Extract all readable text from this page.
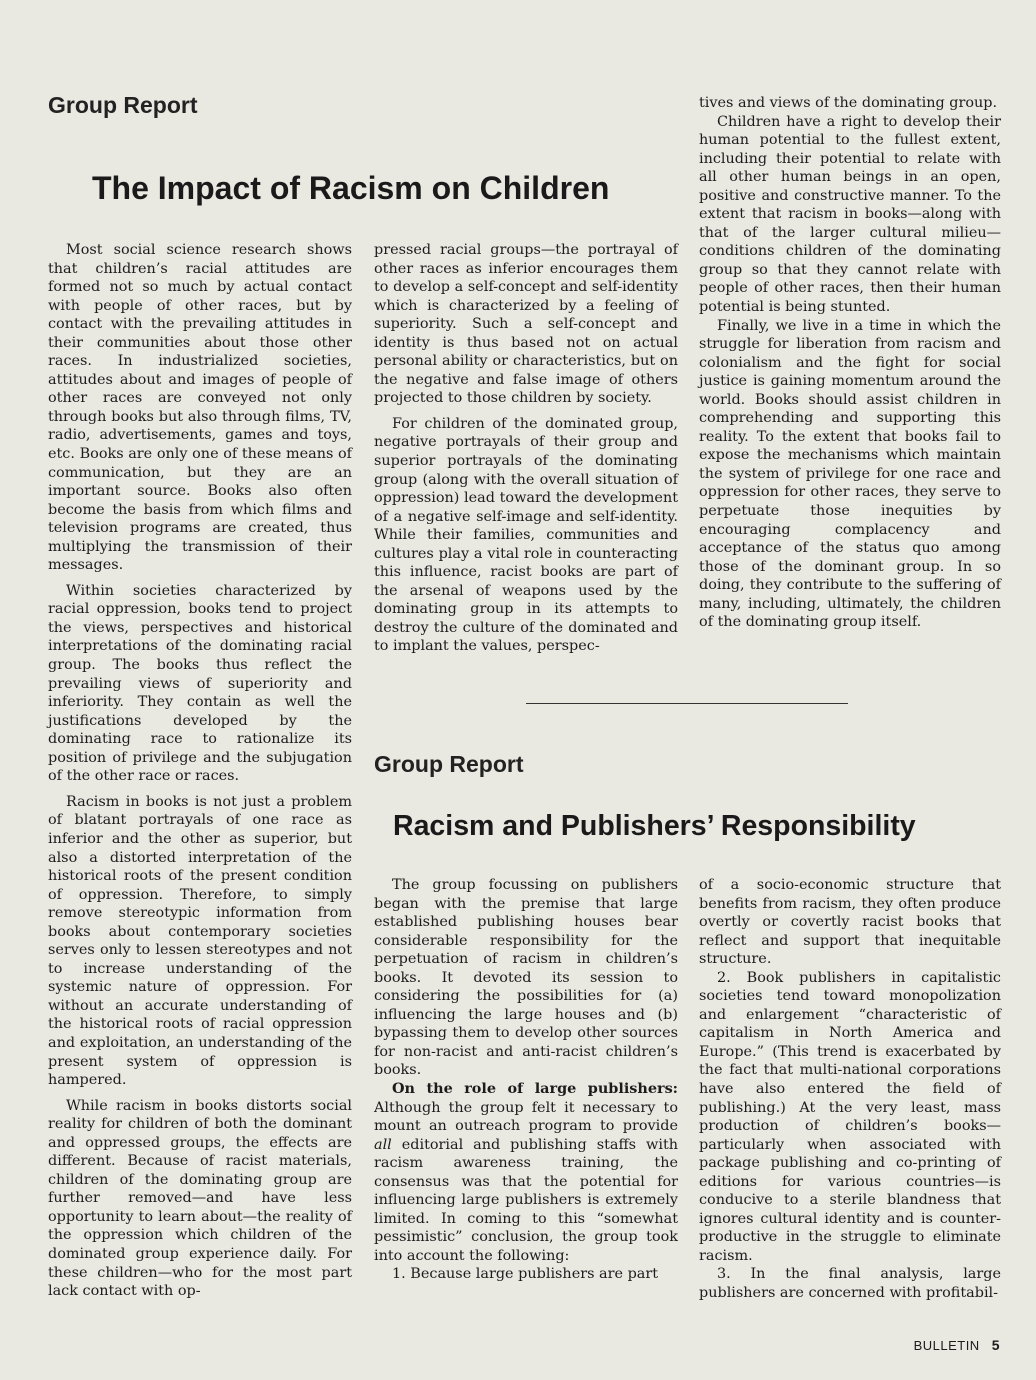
Group Report
The Impact of Racism on Children

Most social science research shows that children’s racial attitudes are formed not so much by actual contact with people of other races, but by contact with the prevailing attitudes in their communities about those other races. In industrialized societies, attitudes about and images of people of other races are conveyed not only through books but also through films, TV, radio, advertisements, games and toys, etc. Books are only one of these means of communication, but they are an important source. Books also often become the basis from which films and television programs are created, thus multiplying the transmission of their messages.

Within societies characterized by racial oppression, books tend to project the views, perspectives and historical interpretations of the dominating racial group. The books thus reflect the prevailing views of superiority and inferiority. They contain as well the justifications developed by the dominating race to rationalize its position of privilege and the subjugation of the other race or races.

Racism in books is not just a problem of blatant portrayals of one race as inferior and the other as superior, but also a distorted interpretation of the historical roots of the present condition of oppression. Therefore, to simply remove stereotypic information from books about contemporary societies serves only to lessen stereotypes and not to increase understanding of the systemic nature of oppression. For without an accurate understanding of the historical roots of racial oppression and exploitation, an understanding of the present system of oppression is hampered.

While racism in books distorts social reality for children of both the dominant and oppressed groups, the effects are different. Because of racist materials, children of the dominating group are further removed—and have less opportunity to learn about—the reality of the oppression which children of the dominated group experience daily. For these children—who for the most part lack contact with op-

pressed racial groups—the portrayal of other races as inferior encourages them to develop a self-concept and self-identity which is characterized by a feeling of superiority. Such a self-concept and identity is thus based not on actual personal ability or characteristics, but on the negative and false image of others projected to those children by society.

For children of the dominated group, negative portrayals of their group and superior portrayals of the dominating group (along with the overall situation of oppression) lead toward the development of a negative self-image and self-identity. While their families, communities and cultures play a vital role in counteracting this influence, racist books are part of the arsenal of weapons used by the dominating group in its attempts to destroy the culture of the dominated and to implant the values, perspec-

tives and views of the dominating group.

Children have a right to develop their human potential to the fullest extent, including their potential to relate with all other human beings in an open, positive and constructive manner. To the extent that racism in books—along with that of the larger cultural milieu—conditions children of the dominating group so that they cannot relate with people of other races, then their human potential is being stunted.

Finally, we live in a time in which the struggle for liberation from racism and colonialism and the fight for social justice is gaining momentum around the world. Books should assist children in comprehending and supporting this reality. To the extent that books fail to expose the mechanisms which maintain the system of privilege for one race and oppression for other races, they serve to perpetuate those inequities by encouraging complacency and acceptance of the status quo among those of the dominant group. In so doing, they contribute to the suffering of many, including, ultimately, the children of the dominating group itself.

Group Report
Racism and Publishers’ Responsibility

The group focussing on publishers began with the premise that large established publishing houses bear considerable responsibility for the perpetuation of racism in children’s books. It devoted its session to considering the possibilities for (a) influencing the large houses and (b) bypassing them to develop other sources for non-racist and anti-racist children’s books.

On the role of large publishers: Although the group felt it necessary to mount an outreach program to provide all editorial and publishing staffs with racism awareness training, the consensus was that the potential for influencing large publishers is extremely limited. In coming to this “somewhat pessimistic” conclusion, the group took into account the following:

1. Because large publishers are part

of a socio-economic structure that benefits from racism, they often produce overtly or covertly racist books that reflect and support that inequitable structure.

2. Book publishers in capitalistic societies tend toward monopolization and enlargement “characteristic of capitalism in North America and Europe.” (This trend is exacerbated by the fact that multi-national corporations have also entered the field of publishing.) At the very least, mass production of children’s books—particularly when associated with package publishing and co-printing of editions for various countries—is conducive to a sterile blandness that ignores cultural identity and is counter-productive in the struggle to eliminate racism.

3. In the final analysis, large publishers are concerned with profitabil-

BULLETIN 5
